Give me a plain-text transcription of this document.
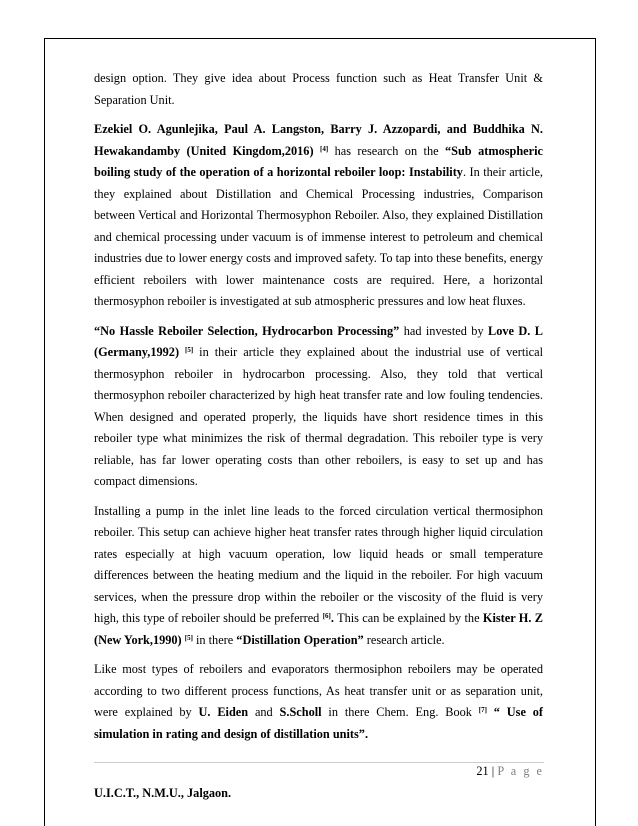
design option. They give idea about Process function such as Heat Transfer Unit & Separation Unit.

Ezekiel O. Agunlejika, Paul A. Langston, Barry J. Azzopardi, and Buddhika N. Hewakandamby (United Kingdom,2016) [4] has research on the “Sub atmospheric boiling study of the operation of a horizontal reboiler loop: Instability. In their article, they explained about Distillation and Chemical Processing industries, Comparison between Vertical and Horizontal Thermosyphon Reboiler. Also, they explained Distillation and chemical processing under vacuum is of immense interest to petroleum and chemical industries due to lower energy costs and improved safety. To tap into these benefits, energy efficient reboilers with lower maintenance costs are required. Here, a horizontal thermosyphon reboiler is investigated at sub atmospheric pressures and low heat fluxes.

“No Hassle Reboiler Selection, Hydrocarbon Processing” had invested by Love D. L (Germany,1992) [5] in their article they explained about the industrial use of vertical thermosyphon reboiler in hydrocarbon processing. Also, they told that vertical thermosyphon reboiler characterized by high heat transfer rate and low fouling tendencies. When designed and operated properly, the liquids have short residence times in this reboiler type what minimizes the risk of thermal degradation. This reboiler type is very reliable, has far lower operating costs than other reboilers, is easy to set up and has compact dimensions.

Installing a pump in the inlet line leads to the forced circulation vertical thermosiphon reboiler. This setup can achieve higher heat transfer rates through higher liquid circulation rates especially at high vacuum operation, low liquid heads or small temperature differences between the heating medium and the liquid in the reboiler. For high vacuum services, when the pressure drop within the reboiler or the viscosity of the fluid is very high, this type of reboiler should be preferred [6]. This can be explained by the Kister H. Z (New York,1990) [5] in there “Distillation Operation” research article.

Like most types of reboilers and evaporators thermosiphon reboilers may be operated according to two different process functions, As heat transfer unit or as separation unit, were explained by U. Eiden and S.Scholl in there Chem. Eng. Book [7] “ Use of simulation in rating and design of distillation units”.

21 | P a g e
U.I.C.T., N.M.U., Jalgaon.
